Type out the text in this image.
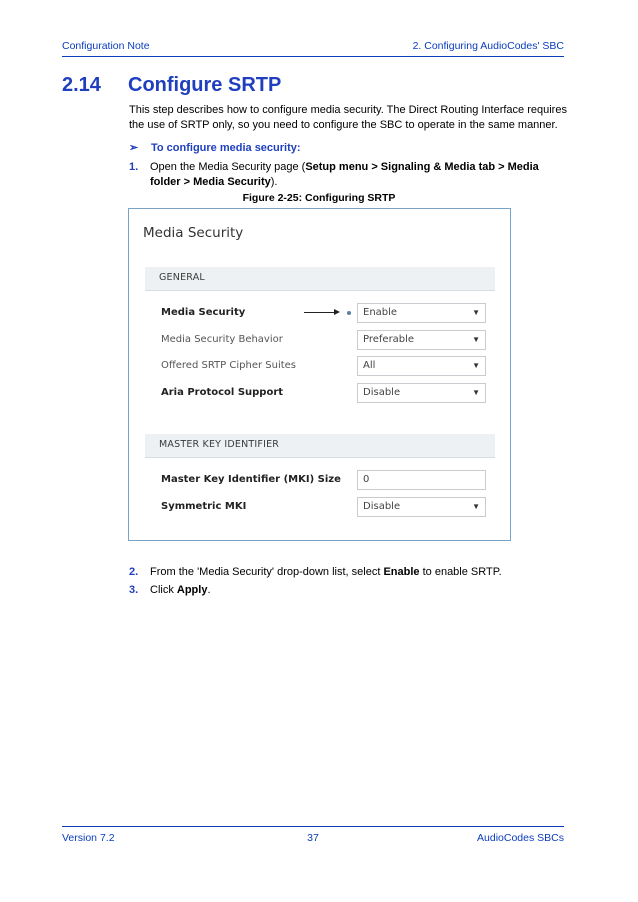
Configuration Note	2. Configuring AudioCodes' SBC
2.14 Configure SRTP
This step describes how to configure media security. The Direct Routing Interface requires the use of SRTP only, so you need to configure the SBC to operate in the same manner.
➢ To configure media security:
1. Open the Media Security page (Setup menu > Signaling & Media tab > Media folder > Media Security).
Figure 2-25: Configuring SRTP
Media Security
GENERAL
Media Security	Enable	▼
Media Security Behavior	Preferable	▼
Offered SRTP Cipher Suites	All	▼
Aria Protocol Support	Disable	▼
MASTER KEY IDENTIFIER
Master Key Identifier (MKI) Size 0
Symmetric MKI	Disable	▼
2. From the 'Media Security' drop-down list, select Enable to enable SRTP.
3. Click Apply.
Version 7.2	37	AudioCodes SBCs
